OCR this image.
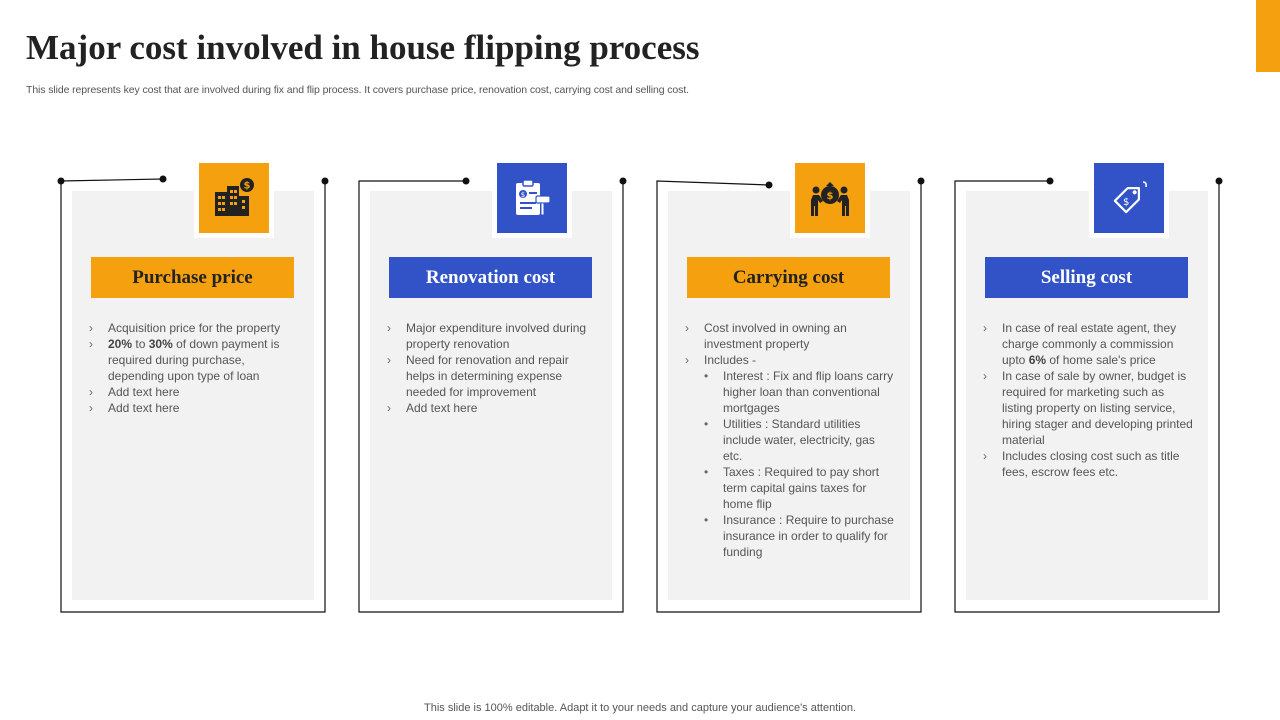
Major cost involved in house flipping process

This slide represents key cost that are involved during fix and flip process. It covers purchase price, renovation cost, carrying cost and selling cost.

$
Purchase price
› Acquisition price for the property
› 20% to 30% of down payment is required during purchase, depending upon type of loan
› Add text here
› Add text here
$
Renovation cost
› Major expenditure involved during property renovation
› Need for renovation and repair helps in determining expense needed for improvement
› Add text here
$
Carrying cost
› Cost involved in owning an investment property
› Includes -
• Interest : Fix and flip loans carry higher loan than conventional mortgages
• Utilities : Standard utilities include water, electricity, gas etc.
• Taxes : Required to pay short term capital gains taxes for home flip
• Insurance : Require to purchase insurance in order to qualify for funding
$
Selling cost
› In case of real estate agent, they charge commonly a commission upto 6% of home sale's price
› In case of sale by owner, budget is required for marketing such as listing property on listing service, hiring stager and developing printed material
› Includes closing cost such as title fees, escrow fees etc.

This slide is 100% editable. Adapt it to your needs and capture your audience's attention.
